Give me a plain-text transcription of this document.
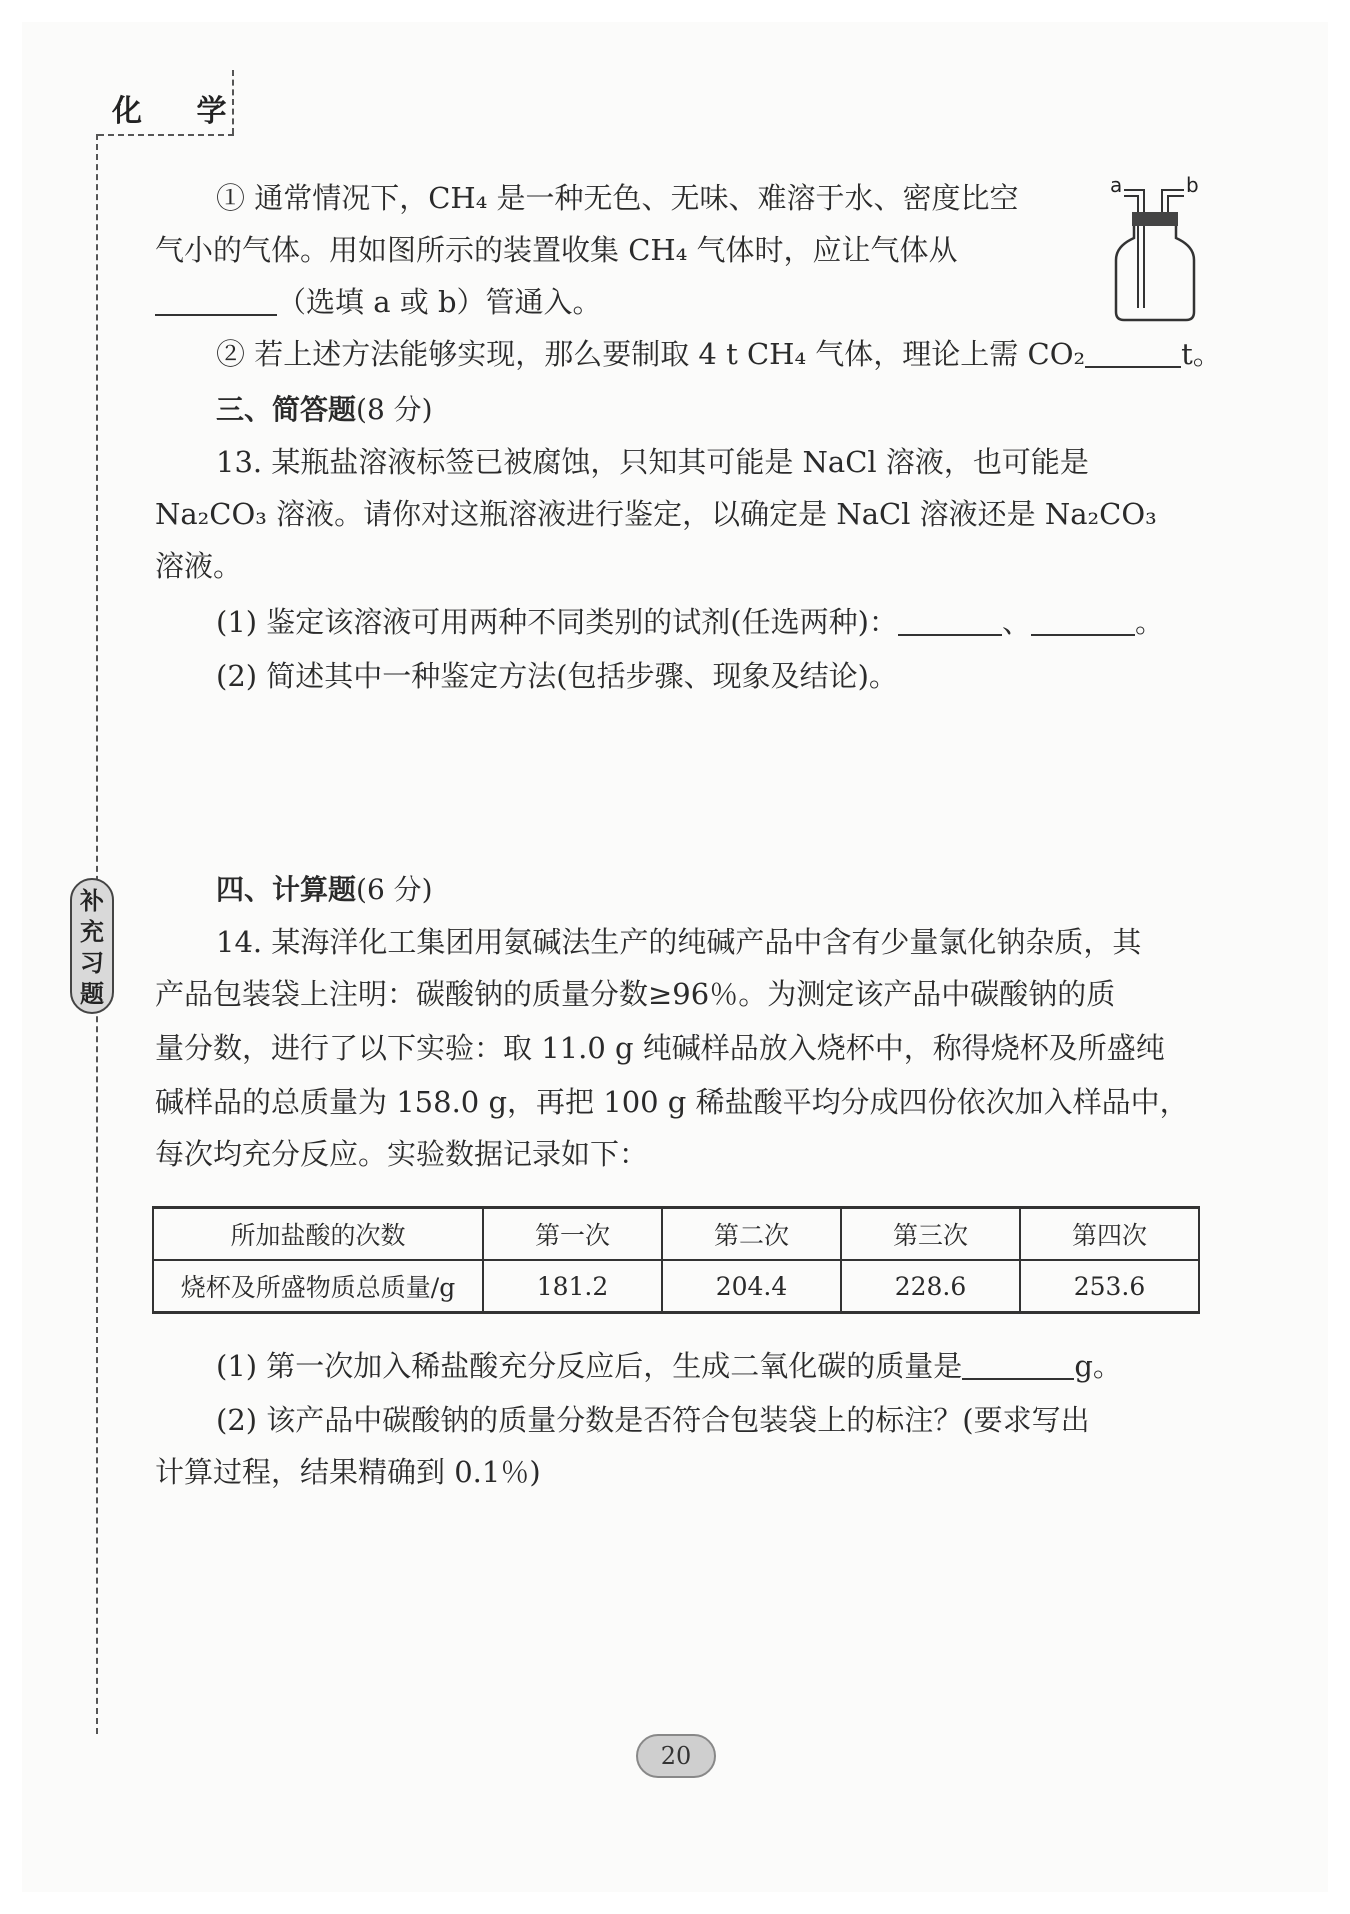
化 学
补充习题
① 通常情况下，CH₄ 是一种无色、无味、难溶于水、密度比空
气小的气体。用如图所示的装置收集 CH₄ 气体时，应让气体从
（选填 a 或 b）管通入。
a	b
② 若上述方法能够实现，那么要制取 4 t CH₄ 气体，理论上需 CO₂	t。
三、简答题(8 分)
13. 某瓶盐溶液标签已被腐蚀，只知其可能是 NaCl 溶液，也可能是
Na₂CO₃ 溶液。请你对这瓶溶液进行鉴定，以确定是 NaCl 溶液还是 Na₂CO₃
溶液。
(1) 鉴定该溶液可用两种不同类别的试剂(任选两种)：	、	。
(2) 简述其中一种鉴定方法(包括步骤、现象及结论)。
四、计算题(6 分)
14. 某海洋化工集团用氨碱法生产的纯碱产品中含有少量氯化钠杂质，其
产品包装袋上注明：碳酸钠的质量分数≥96％。为测定该产品中碳酸钠的质
量分数，进行了以下实验：取 11.0 g 纯碱样品放入烧杯中，称得烧杯及所盛纯
碱样品的总质量为 158.0 g，再把 100 g 稀盐酸平均分成四份依次加入样品中，
每次均充分反应。实验数据记录如下：
所加盐酸的次数	第一次	第二次	第三次	第四次
烧杯及所盛物质总质量/g	181.2	204.4	228.6	253.6
(1) 第一次加入稀盐酸充分反应后，生成二氧化碳的质量是	g。
(2) 该产品中碳酸钠的质量分数是否符合包装袋上的标注？(要求写出
计算过程，结果精确到 0.1％)
20
